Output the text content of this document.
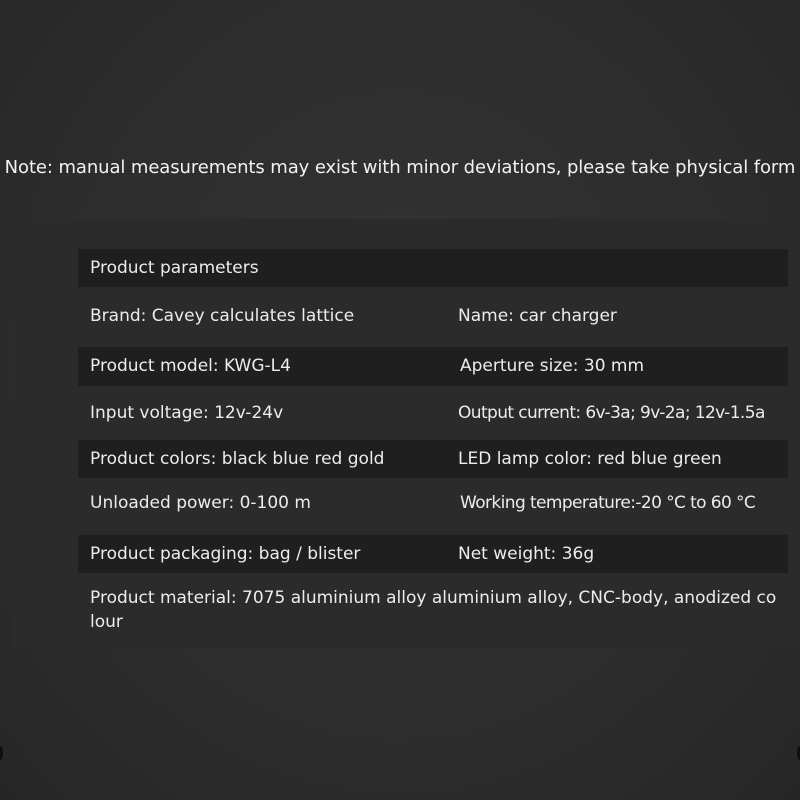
Note: manual measurements may exist with minor deviations, please take physical form
Product parameters
Brand: Cavey calculates lattice	Name: car charger
Product model: KWG-L4	Aperture size: 30 mm
Input voltage: 12v-24v	Output current: 6v-3a; 9v-2a; 12v-1.5a
Product colors: black blue red gold	LED lamp color: red blue green
Unloaded power: 0-100 m	Working temperature:-20 °C to 60 °C
Product packaging: bag / blister	Net weight: 36g
Product material: 7075 aluminium alloy aluminium alloy, CNC-body, anodized colour
